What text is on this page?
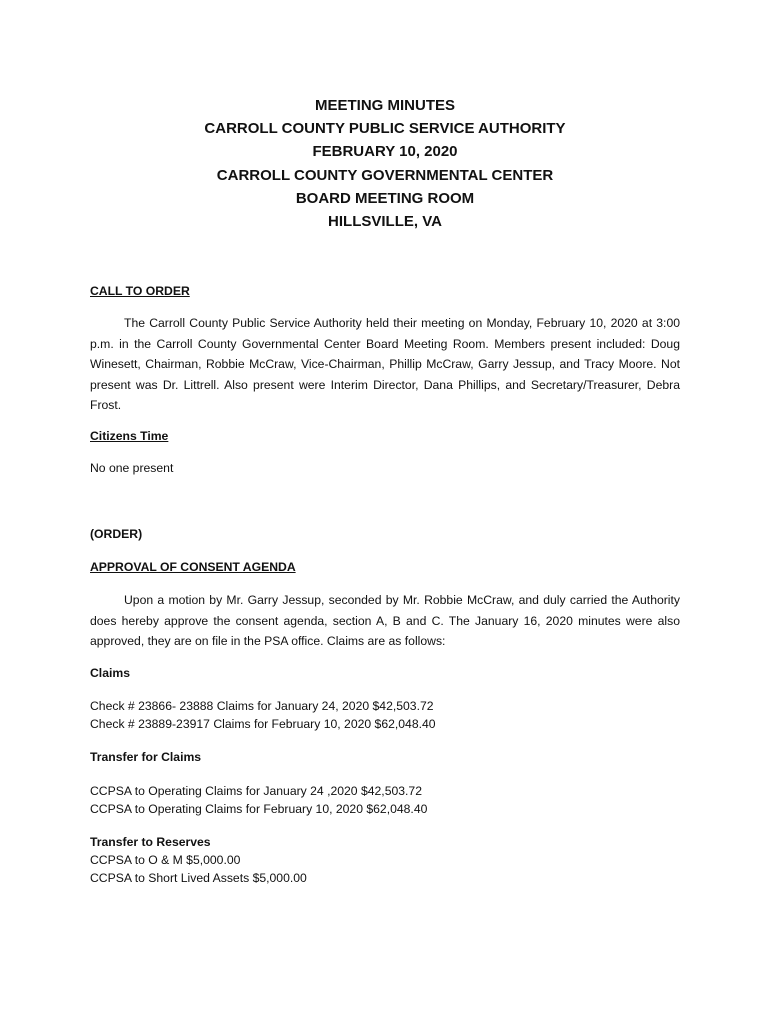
MEETING MINUTES
CARROLL COUNTY PUBLIC SERVICE AUTHORITY
FEBRUARY 10, 2020
CARROLL COUNTY GOVERNMENTAL CENTER
BOARD MEETING ROOM
HILLSVILLE, VA
CALL TO ORDER
The Carroll County Public Service Authority held their meeting on Monday, February 10, 2020 at 3:00 p.m. in the Carroll County Governmental Center Board Meeting Room. Members present included: Doug Winesett, Chairman, Robbie McCraw, Vice-Chairman, Phillip McCraw, Garry Jessup, and Tracy Moore. Not present was Dr. Littrell. Also present were Interim Director, Dana Phillips, and Secretary/Treasurer, Debra Frost.
Citizens Time
No one present
(ORDER)
APPROVAL OF CONSENT AGENDA
Upon a motion by Mr. Garry Jessup, seconded by Mr. Robbie McCraw, and duly carried the Authority does hereby approve the consent agenda, section A, B and C. The January 16, 2020 minutes were also approved, they are on file in the PSA office. Claims are as follows:
Claims
Check # 23866- 23888 Claims for January 24, 2020 $42,503.72
Check # 23889-23917 Claims for February 10, 2020 $62,048.40
Transfer for Claims
CCPSA to Operating Claims for January 24 ,2020 $42,503.72
CCPSA to Operating Claims for February 10, 2020 $62,048.40
Transfer to Reserves
CCPSA to O & M $5,000.00
CCPSA to Short Lived Assets $5,000.00
